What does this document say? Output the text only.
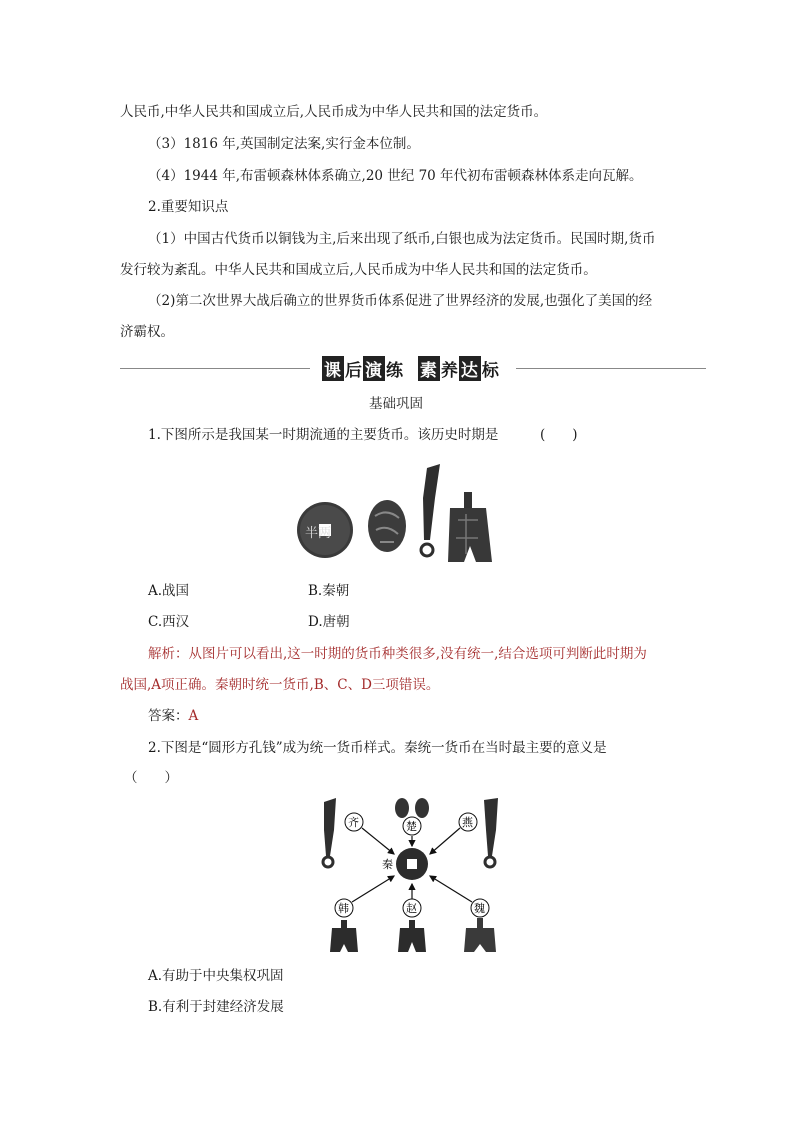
人民币,中华人民共和国成立后,人民币成为中华人民共和国的法定货币。
（3）1816 年,英国制定法案,实行金本位制。
（4）1944 年,布雷顿森林体系确立,20 世纪 70 年代初布雷顿森林体系走向瓦解。
2.重要知识点
（1）中国古代货币以铜钱为主,后来出现了纸币,白银也成为法定货币。民国时期,货币
发行较为紊乱。中华人民共和国成立后,人民币成为中华人民共和国的法定货币。
（2)第二次世界大战后确立的世界货币体系促进了世界经济的发展,也强化了美国的经
济霸权。
课 后 演 练 素 养 达 标
基础巩固
1.下图所示是我国某一时期流通的主要货币。该历史时期是	(　　)
半两
A.战国	B.秦朝
C.西汉	D.唐朝
解析：从图片可以看出,这一时期的货币种类很多,没有统一,结合选项可判断此时期为
战国,A项正确。秦朝时统一货币,B、C、D三项错误。
答案：A
2.下图是“圆形方孔钱”成为统一货币样式。秦统一货币在当时最主要的意义是
（　　）
齐	楚	燕
秦
韩	赵	魏
A.有助于中央集权巩固
B.有利于封建经济发展
